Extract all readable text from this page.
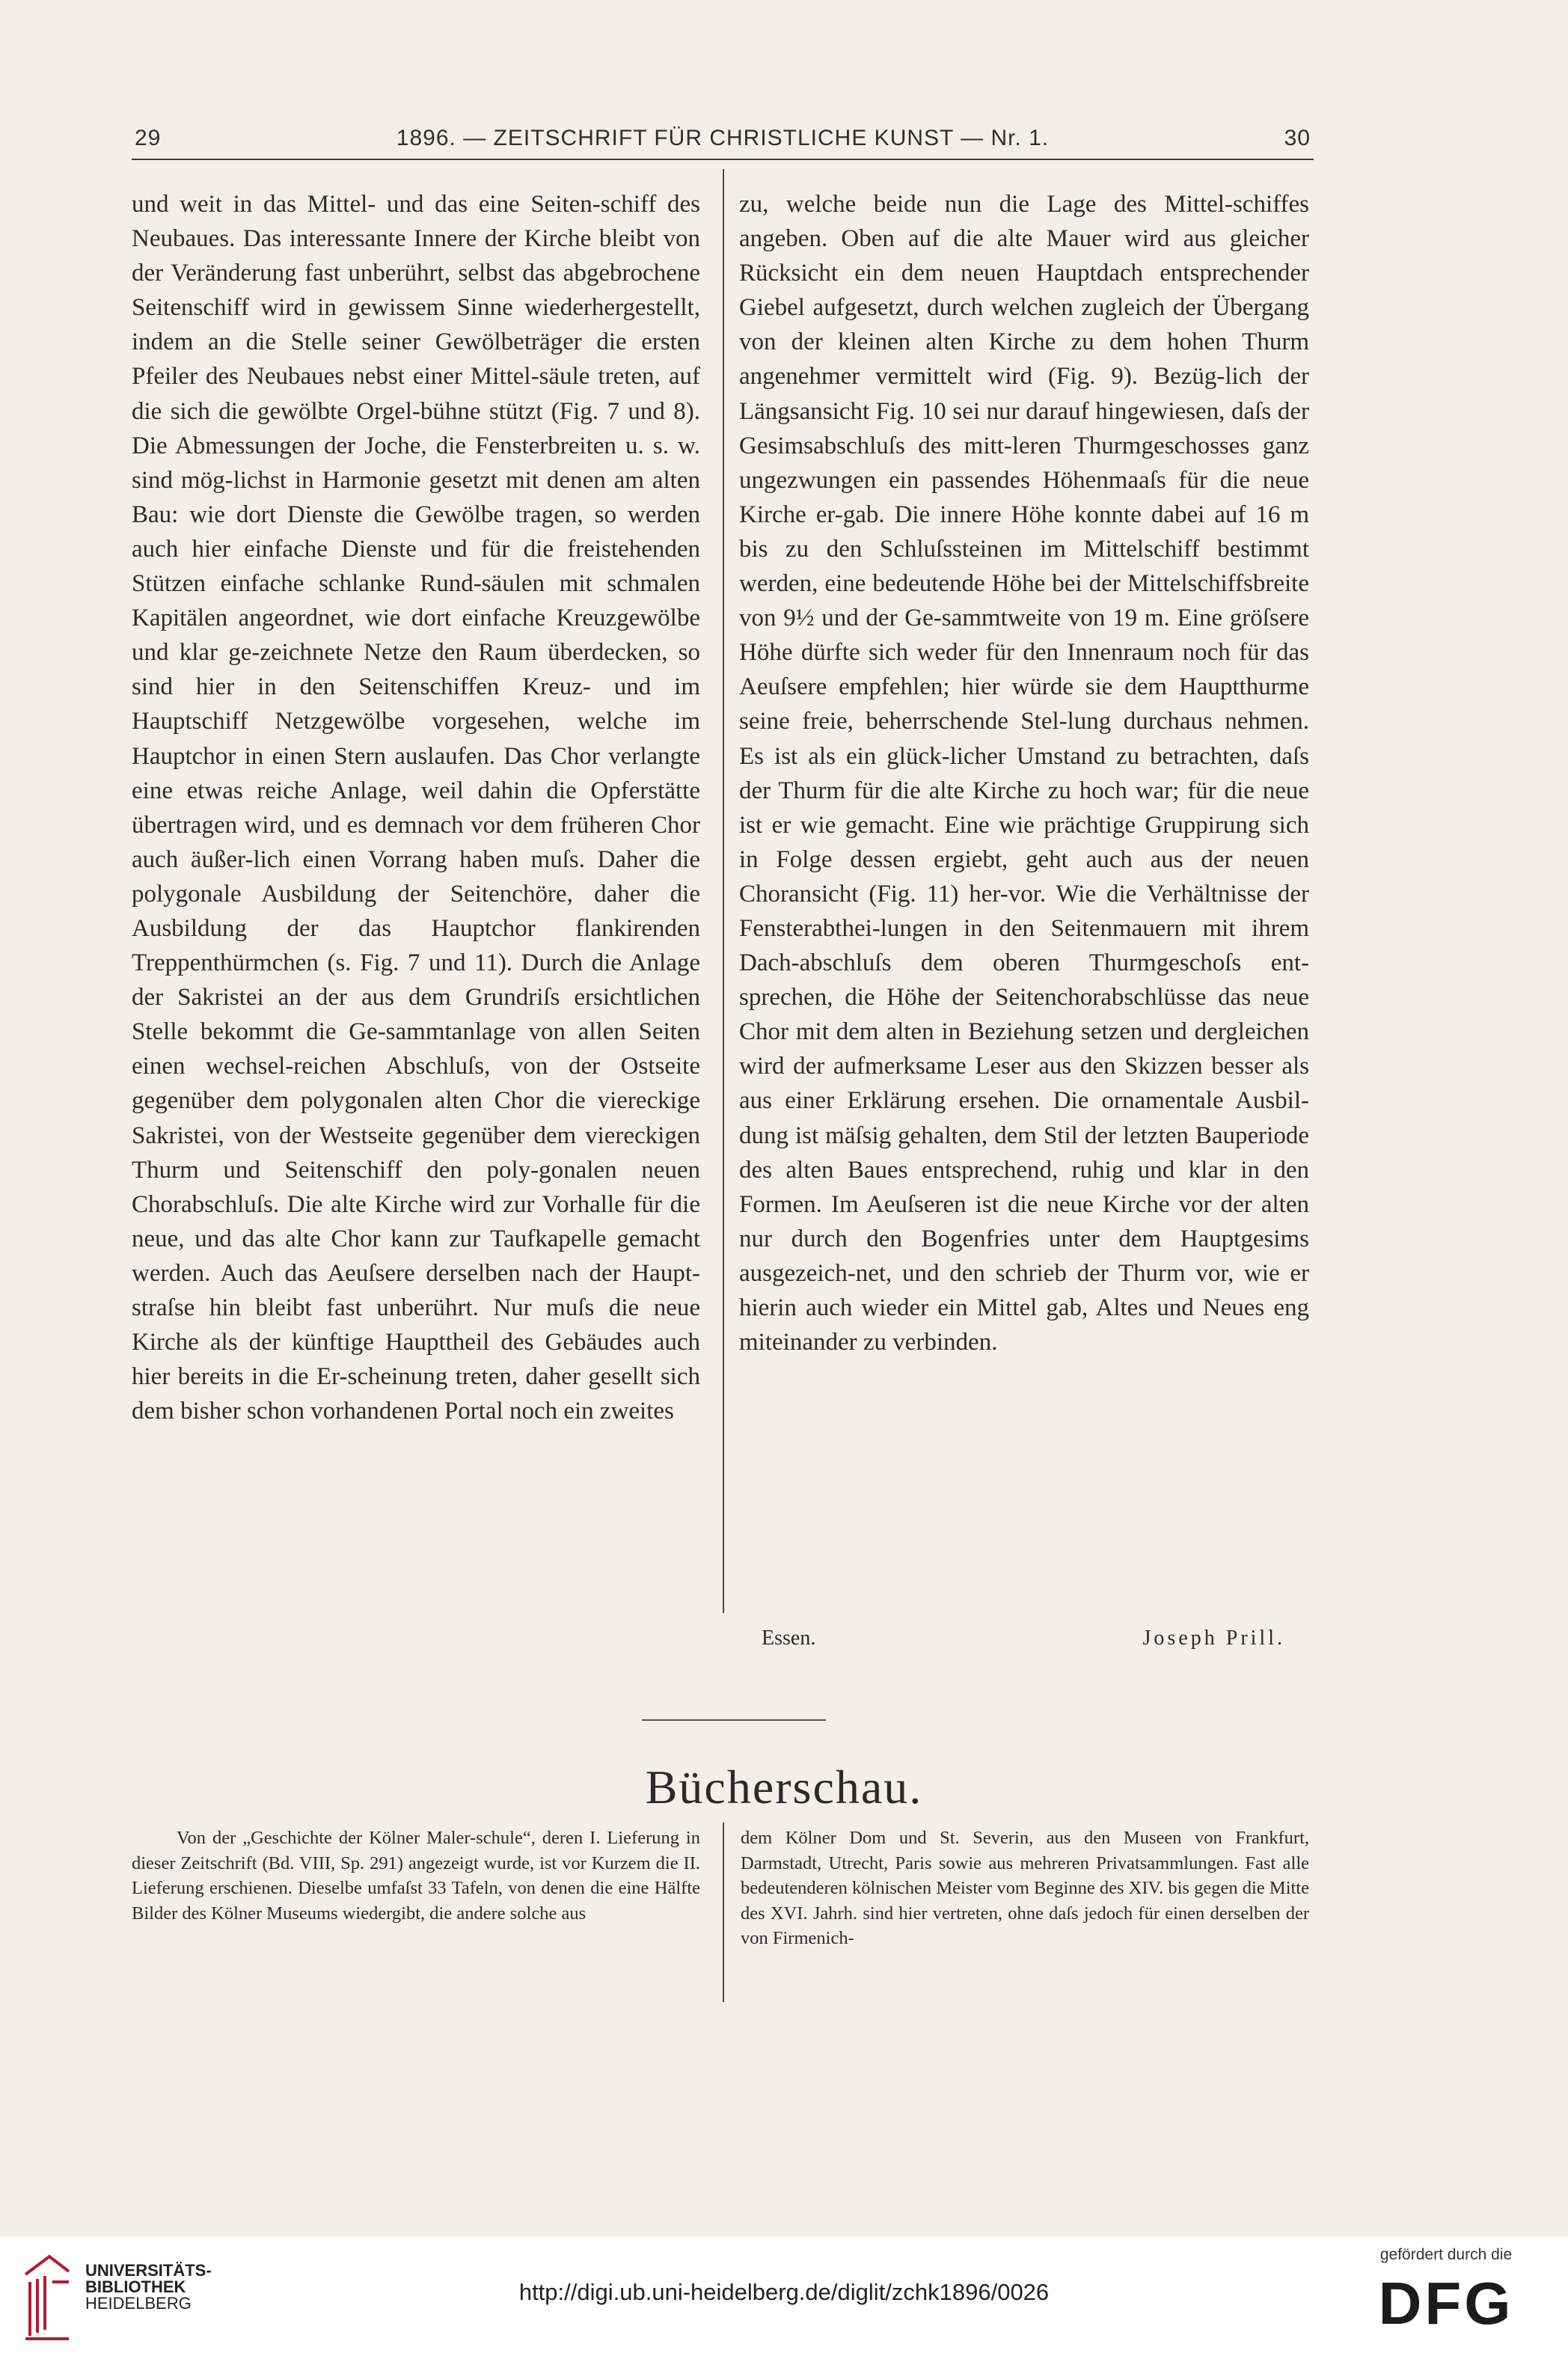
29	1896. — ZEITSCHRIFT FÜR CHRISTLICHE KUNST — Nr. 1.	30

und weit in das Mittel- und das eine Seiten-schiff des Neubaues. Das interessante Innere der Kirche bleibt von der Veränderung fast unberührt, selbst das abgebrochene Seitenschiff wird in gewissem Sinne wiederhergestellt, indem an die Stelle seiner Gewölbeträger die ersten Pfeiler des Neubaues nebst einer Mittel-säule treten, auf die sich die gewölbte Orgel-bühne stützt (Fig. 7 und 8). Die Abmessungen der Joche, die Fensterbreiten u. s. w. sind mög-lichst in Harmonie gesetzt mit denen am alten Bau: wie dort Dienste die Gewölbe tragen, so werden auch hier einfache Dienste und für die freistehenden Stützen einfache schlanke Rund-säulen mit schmalen Kapitälen angeordnet, wie dort einfache Kreuzgewölbe und klar ge-zeichnete Netze den Raum überdecken, so sind hier in den Seitenschiffen Kreuz- und im Hauptschiff Netzgewölbe vorgesehen, welche im Hauptchor in einen Stern auslaufen. Das Chor verlangte eine etwas reiche Anlage, weil dahin die Opferstätte übertragen wird, und es demnach vor dem früheren Chor auch äußer-lich einen Vorrang haben muſs. Daher die polygonale Ausbildung der Seitenchöre, daher die Ausbildung der das Hauptchor flankirenden Treppenthürmchen (s. Fig. 7 und 11). Durch die Anlage der Sakristei an der aus dem Grundriſs ersichtlichen Stelle bekommt die Ge-sammtanlage von allen Seiten einen wechsel-reichen Abschluſs, von der Ostseite gegenüber dem polygonalen alten Chor die viereckige Sakristei, von der Westseite gegenüber dem viereckigen Thurm und Seitenschiff den poly-gonalen neuen Chorabschluſs. Die alte Kirche wird zur Vorhalle für die neue, und das alte Chor kann zur Taufkapelle gemacht werden. Auch das Aeuſsere derselben nach der Haupt-straſse hin bleibt fast unberührt. Nur muſs die neue Kirche als der künftige Haupttheil des Gebäudes auch hier bereits in die Er-scheinung treten, daher gesellt sich dem bisher schon vorhandenen Portal noch ein zweites

zu, welche beide nun die Lage des Mittel-schiffes angeben. Oben auf die alte Mauer wird aus gleicher Rücksicht ein dem neuen Hauptdach entsprechender Giebel aufgesetzt, durch welchen zugleich der Übergang von der kleinen alten Kirche zu dem hohen Thurm angenehmer vermittelt wird (Fig. 9). Bezüg-lich der Längsansicht Fig. 10 sei nur darauf hingewiesen, daſs der Gesimsabschluſs des mitt-leren Thurmgeschosses ganz ungezwungen ein passendes Höhenmaaſs für die neue Kirche er-gab. Die innere Höhe konnte dabei auf 16 m bis zu den Schluſssteinen im Mittelschiff bestimmt werden, eine bedeutende Höhe bei der Mittelschiffsbreite von 9½ und der Ge-sammtweite von 19 m. Eine gröſsere Höhe dürfte sich weder für den Innenraum noch für das Aeuſsere empfehlen; hier würde sie dem Hauptthurme seine freie, beherrschende Stel-lung durchaus nehmen. Es ist als ein glück-licher Umstand zu betrachten, daſs der Thurm für die alte Kirche zu hoch war; für die neue ist er wie gemacht. Eine wie prächtige Gruppirung sich in Folge dessen ergiebt, geht auch aus der neuen Choransicht (Fig. 11) her-vor. Wie die Verhältnisse der Fensterabthei-lungen in den Seitenmauern mit ihrem Dach-abschluſs dem oberen Thurmgeschoſs ent-sprechen, die Höhe der Seitenchorabschlüsse das neue Chor mit dem alten in Beziehung setzen und dergleichen wird der aufmerksame Leser aus den Skizzen besser als aus einer Erklärung ersehen. Die ornamentale Ausbil-dung ist mäſsig gehalten, dem Stil der letzten Bauperiode des alten Baues entsprechend, ruhig und klar in den Formen. Im Aeuſseren ist die neue Kirche vor der alten nur durch den Bogenfries unter dem Hauptgesims ausgezeich-net, und den schrieb der Thurm vor, wie er hierin auch wieder ein Mittel gab, Altes und Neues eng miteinander zu verbinden.

Essen.	Joseph Prill.
Bücherschau.

Von der „Geschichte der Kölner Maler-schule“, deren I. Lieferung in dieser Zeitschrift (Bd. VIII, Sp. 291) angezeigt wurde, ist vor Kurzem die II. Lieferung erschienen. Dieselbe umfaſst 33 Tafeln, von denen die eine Hälfte Bilder des Kölner Museums wiedergibt, die andere solche aus

dem Kölner Dom und St. Severin, aus den Museen von Frankfurt, Darmstadt, Utrecht, Paris sowie aus mehreren Privatsammlungen. Fast alle bedeutenderen kölnischen Meister vom Beginne des XIV. bis gegen die Mitte des XVI. Jahrh. sind hier vertreten, ohne daſs jedoch für einen derselben der von Firmenich-

UNIVERSITÄTS-
BIBLIOTHEK
HEIDELBERG	http://digi.ub.uni-heidelberg.de/diglit/zchk1896/0026
gefördert durch die
DFG
